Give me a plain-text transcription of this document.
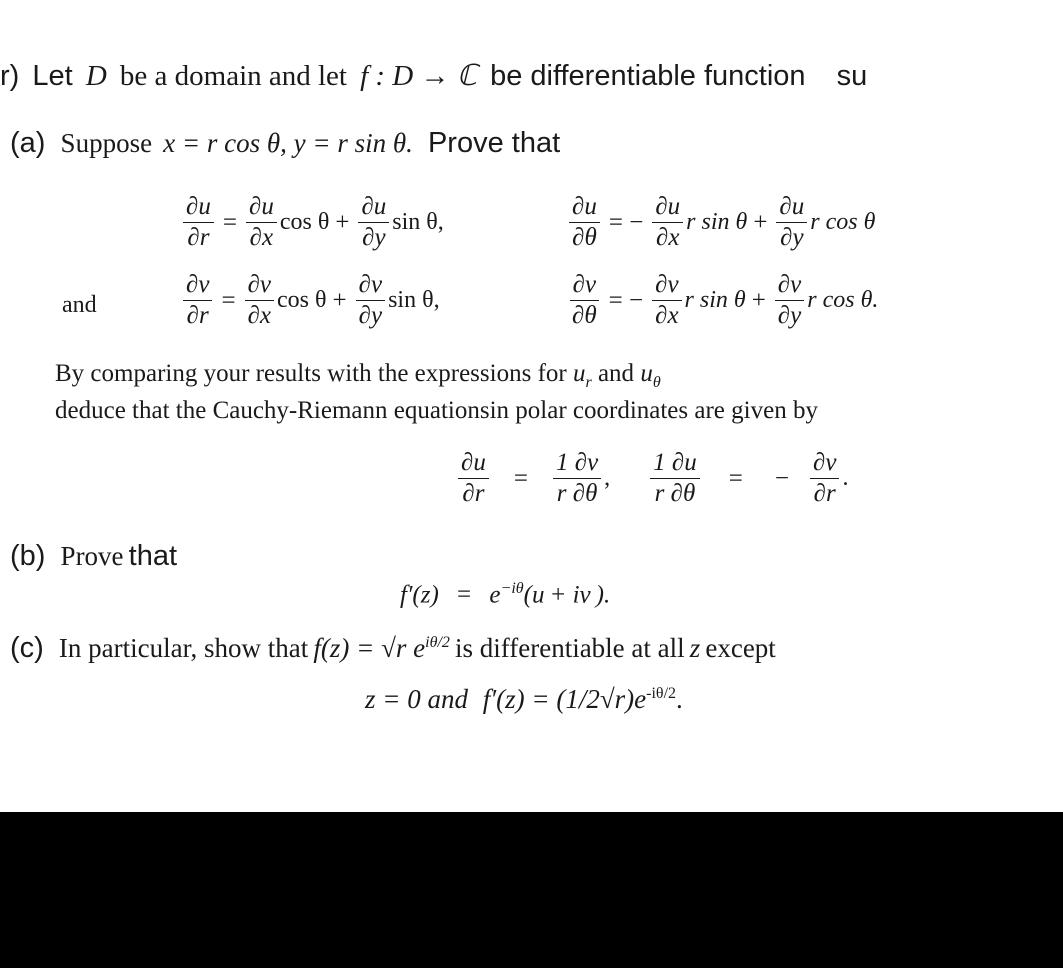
r) Let D be a domain and let f : D → ℂ be differentiable function su
(a) Suppose x = r cos θ, y = r sin θ. Prove that
$\frac{\partial u}{\partial r} = \frac{\partial u}{\partial x}$ $\cos \theta + \frac{\partial u}{\partial y}$ sin θ,	$\frac{\partial u}{\partial\theta}$ = − $\frac{\partial u}{\partial x}$ r $\sin \theta + \frac{\partial u}{\partial y}$ r cos θ
and	$\frac{\partial v}{\partial r} = \frac{\partial v}{\partial x}$ $\cos \theta + \frac{\partial v}{\partial y}$ sin θ,	$\frac{\partial v}{\partial\theta}$ = − $\frac{\partial v}{\partial x}$ r $\sin \theta + \frac{\partial v}{\partial y}$ r cos θ.
By comparing your results with the expressions for $u_r$ and $u_\theta$
deduce that the Cauchy-Riemann equationsin polar coordinates are given by
$\frac{\partial u}{\partial r} = \frac{1 \partial v}{r \partial\theta}$ , $\frac{1 \partial u}{r \partial\theta}$ = − $\frac{\partial v}{\partial r}$ .
(b) Prove that
$f'(z) = e^{-i\theta}(u$ + iv ).
(c) In particular, show that f(z) = √r $e^{i\theta/2}$ is differentiable at all z except
z = 0 and $f'(z) = (1/2√r)e^{-i\theta/2}$.
